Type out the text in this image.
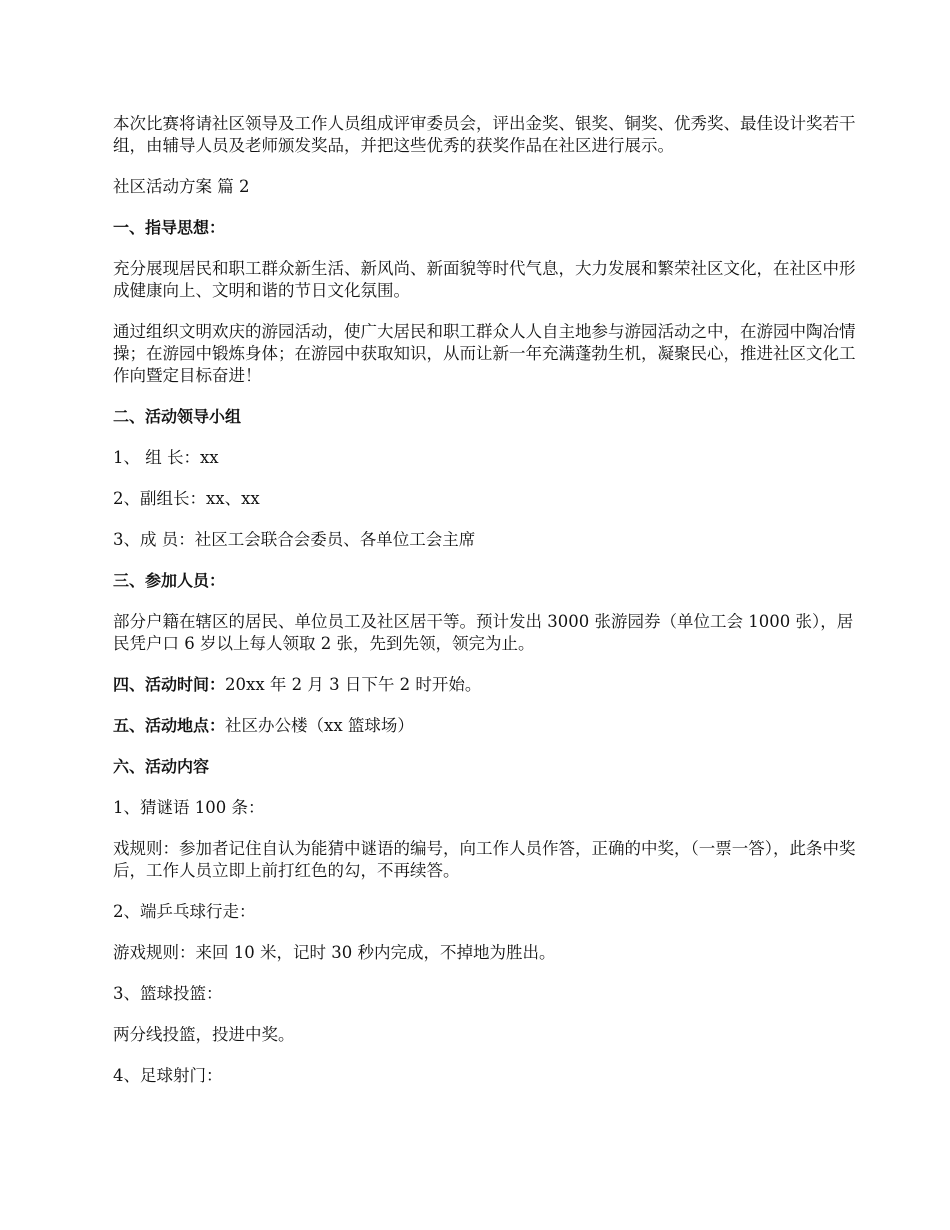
本次比赛将请社区领导及工作人员组成评审委员会，评出金奖、银奖、铜奖、优秀奖、最佳设计奖若干组，由辅导人员及老师颁发奖品，并把这些优秀的获奖作品在社区进行展示。

社区活动方案 篇 2

一、指导思想：

充分展现居民和职工群众新生活、新风尚、新面貌等时代气息，大力发展和繁荣社区文化，在社区中形成健康向上、文明和谐的节日文化氛围。

通过组织文明欢庆的游园活动，使广大居民和职工群众人人自主地参与游园活动之中，在游园中陶冶情操；在游园中锻炼身体；在游园中获取知识，从而让新一年充满蓬勃生机，凝聚民心，推进社区文化工作向暨定目标奋进！

二、活动领导小组

1、 组 长：xx

2、副组长：xx、xx

3、成 员：社区工会联合会委员、各单位工会主席

三、参加人员：

部分户籍在辖区的居民、单位员工及社区居干等。预计发出 3000 张游园券（单位工会 1000 张），居民凭户口 6 岁以上每人领取 2 张，先到先领，领完为止。

四、活动时间：20xx 年 2 月 3 日下午 2 时开始。

五、活动地点：社区办公楼（xx 篮球场）

六、活动内容

1、猜谜语 100 条：

戏规则：参加者记住自认为能猜中谜语的编号，向工作人员作答，正确的中奖，（一票一答），此条中奖后，工作人员立即上前打红色的勾，不再续答。

2、端乒乓球行走：

游戏规则：来回 10 米，记时 30 秒内完成，不掉地为胜出。

3、篮球投篮：

两分线投篮，投进中奖。

4、足球射门：
